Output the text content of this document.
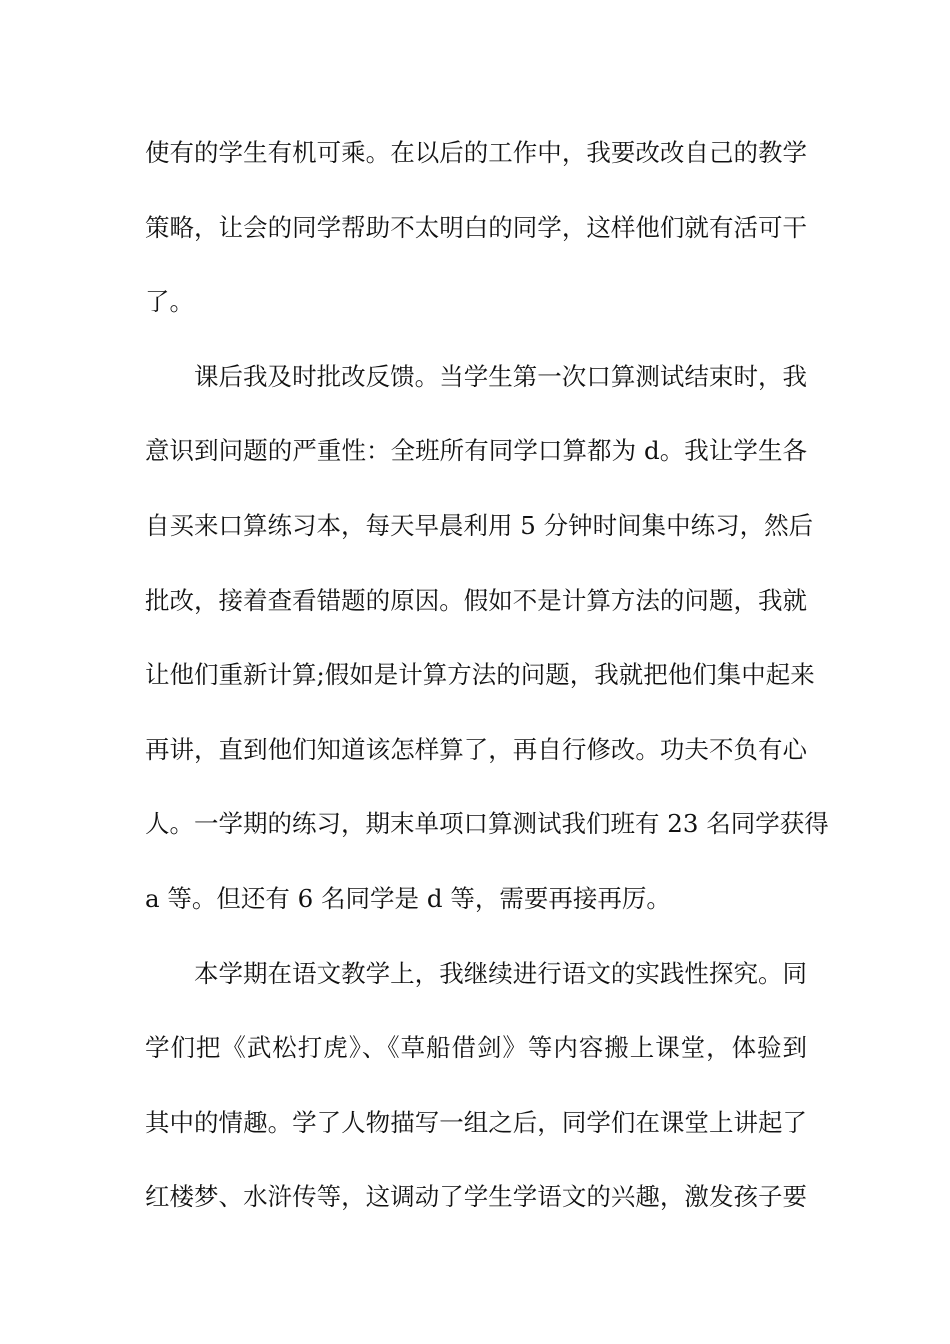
使有的学生有机可乘。在以后的工作中，我要改改自己的教学
策略，让会的同学帮助不太明白的同学，这样他们就有活可干
了。
课后我及时批改反馈。当学生第一次口算测试结束时，我
意识到问题的严重性：全班所有同学口算都为 d。我让学生各
自买来口算练习本，每天早晨利用 5 分钟时间集中练习，然后
批改，接着查看错题的原因。假如不是计算方法的问题，我就
让他们重新计算;假如是计算方法的问题，我就把他们集中起来
再讲，直到他们知道该怎样算了，再自行修改。功夫不负有心
人。一学期的练习，期末单项口算测试我们班有 23 名同学获得
a 等。但还有 6 名同学是 d 等，需要再接再厉。
本学期在语文教学上，我继续进行语文的实践性探究。同
学们把《武松打虎》、《草船借剑》等内容搬上课堂，体验到
其中的情趣。学了人物描写一组之后，同学们在课堂上讲起了
红楼梦、水浒传等，这调动了学生学语文的兴趣，激发孩子要
